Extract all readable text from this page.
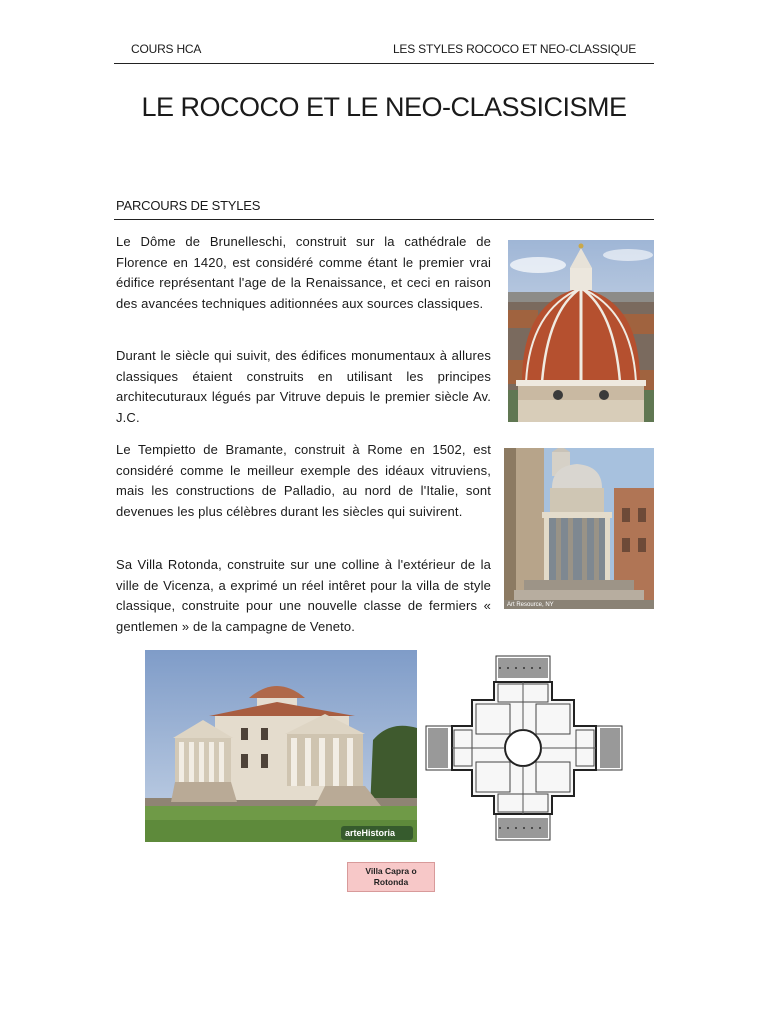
COURS HCA	LES STYLES ROCOCO ET NEO-CLASSIQUE
LE ROCOCO ET LE NEO-CLASSICISME
PARCOURS DE STYLES

Le Dôme de Brunelleschi, construit sur la cathédrale de Florence en 1420, est considéré comme étant le premier vrai édifice représentant l'age de la Renaissance, et ceci en raison des avancées techniques aditionnées aux sources classiques.

Durant le siècle qui suivit, des édifices monumentaux à allures classiques étaient construits en utilisant les principes architecuturaux légués par Vitruve depuis le premier siècle Av. J.C.

Le Tempietto de Bramante, construit à Rome en 1502, est considéré comme le meilleur exemple des idéaux vitruviens, mais les constructions de Palladio, au nord de l'Italie, sont devenues les plus célèbres durant les siècles qui suivirent.

Sa Villa Rotonda, construite sur une colline à l'extérieur de la ville de Vicenza, a exprimé un réel intêret pour la villa de style classique, construite pour une nouvelle classe de fermiers « gentlemen » de la campagne de Veneto.

Art Resource, NY
arteHistoria
Villa Capra o Rotonda
